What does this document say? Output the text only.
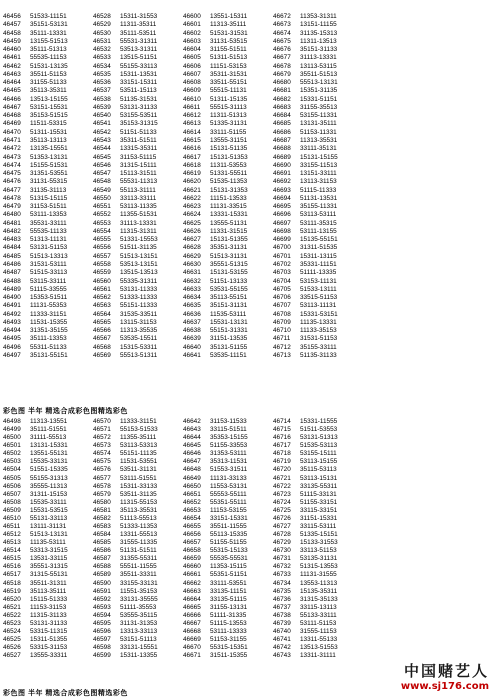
46456	51533-11151	46528	15311-31553	46600	13551-15311	46672	11353-31311
46457	35151-53131	46529	11311-35311	46601	11313-35111	46673	13151-11155
46458	35111-13331	46530	35111-53511	46602	51531-31531	46674	31135-15313
46459	13155-51513	46531	55531-31311	46603	31131-53515	46675	11311-13513
46460	35111-51313	46532	53513-31311	46604	31155-51511	46676	35151-31133
46461	55535-11153	46533	13515-51151	46605	51311-51513	46677	31113-13331
46462	51531-13135	46534	55155-33113	46606	11151-53153	46678	13113-53115
46463	35511-51153	46535	15311-13531	46607	35311-31531	46679	35511-51513
46464	31155-51133	46536	33151-15311	46608	33511-55151	46680	55513-13131
46465	35113-35311	46537	53511-15113	46609	55515-11131	46681	15351-31135
46466	13513-15155	46538	51135-31531	46610	51311-15135	46682	15331-51151
46467	53151-15531	46539	53131-31133	46611	55515-31113	46683	31155-35513
46468	35153-51515	46540	53155-53511	46612	11311-51313	46684	53155-11331
46469	11511-53315	46541	35153-31315	46613	51335-31131	46685	13131-35111
46470	51311-15531	46542	51151-51133	46614	33111-51155	46686	51153-11331
46471	35113-13113	46543	35311-51511	46615	13555-31151	46687	11313-35531
46472	13135-15551	46544	13315-35311	46616	15131-51135	46688	33111-35131
46473	51353-13131	46545	31153-51115	46617	15131-51353	46689	15131-15155
46474	15155-51531	46546	31315-15111	46618	11311-53553	46690	33155-11513
46475	31351-53551	46547	15113-31511	46619	51331-55511	46691	13151-33111
46476	31131-55315	46548	55531-11313	46620	51535-11353	46692	13113-31153
46477	31135-31113	46549	55113-31111	46621	15131-31353	46693	51115-11333
46478	51315-15115	46550	33113-33111	46622	11151-13533	46694	51131-13531
46479	31153-51511	46551	53113-11335	46623	11131-33515	46695	35155-11331
46480	53111-13353	46552	11355-51531	46624	13331-15331	46696	53113-53111
46481	35531-33111	46553	31113-13331	46625	13555-51131	46697	53111-35315
46482	55535-11133	46554	11315-31311	46626	11331-31515	46698	53111-13155
46483	51313-11131	46555	51331-15553	46627	15131-51355	46699	15135-55151
46484	53131-51153	46556	51511-31135	46628	35351-31131	46700	31311-51535
46485	51513-13313	46557	51513-13151	46629	51513-31131	46701	15311-13115
46486	31531-53111	46558	53513-13151	46630	35551-51315	46702	35331-11151
46487	51515-33113	46559	13515-13513	46631	15131-53155	46703	51111-13335
46488	53115-33111	46560	55335-31311	46632	51151-13133	46704	53153-11131
46489	51115-33555	46561	53131-11333	46633	53531-55155	46705	51533-13111
46490	15353-51511	46562	51333-11333	46634	35113-55151	46706	33515-51153
46491	11131-55353	46563	55151-11333	46635	35151-31131	46707	53113-11131
46492	11333-31151	46564	31535-33511	46636	11535-53111	46708	15331-53151
46493	11531-15355	46565	13115-31153	46637	15531-13131	46709	11135-13331
46494	31351-35155	46566	11313-35535	46638	55151-31331	46710	11133-35153
46495	35111-13353	46567	53535-15511	46639	31151-13535	46711	31531-51153
46496	55311-51133	46568	15315-53311	46640	35131-51155	46712	35155-33111
46497	35131-55151	46569	55513-51311	46641	53535-11151	46713	51135-31133
彩色图 半年 精选合成彩色图精选彩色
46498	11313-13551	46570	11333-31151	46642	31153-11533	46714	15331-11555
46499	35111-51551	46571	55153-51533	46643	33115-51511	46715	51511-53553
46500	31111-55513	46572	11355-35111	46644	35353-15155	46716	53131-51313
46501	13131-15331	46573	53113-53313	46645	51155-33553	46717	51535-53113
46502	13551-55131	46574	55151-11135	46646	31353-53111	46718	53155-15111
46503	15535-33131	46575	11531-53551	46647	35313-11531	46719	53113-15155
46504	51551-15335	46576	53511-31131	46648	51553-31511	46720	35115-53113
46505	55155-31313	46577	53111-51551	46649	11131-33133	46721	53113-15131
46506	35555-11313	46578	15311-33133	46650	11553-53131	46722	33135-55311
46507	31311-15153	46579	53511-31135	46651	55553-55111	46723	51115-33131
46508	15535-33111	46580	11315-55153	46652	55351-55111	46724	51155-33151
46509	15531-53515	46581	35113-35531	46653	11153-53155	46725	33115-33151
46510	55131-33113	46582	51113-55513	46654	33151-15331	46726	31151-15331
46511	13111-31131	46583	51333-11353	46655	35511-11555	46727	33115-53111
46512	51513-13131	46584	13311-55513	46656	55113-15335	46728	51335-15151
46513	11135-53111	46585	31555-11335	46657	51155-51155	46729	15133-31553
46514	53313-31515	46586	51131-51511	46658	55315-15133	46730	33113-51153
46515	13531-33115	46587	31355-55311	46659	55535-55531	46731	53135-31131
46516	35551-31315	46588	55511-11555	46660	11353-15115	46732	51315-13553
46517	31315-55131	46589	35511-33311	46661	55351-51151	46733	11131-31555
46518	35511-31311	46590	33155-33131	46662	33111-53551	46734	13553-11313
46519	35113-35111	46591	11551-35153	46663	33135-11151	46735	15135-35311
46520	15115-51333	46592	33131-35555	46664	33135-51115	46736	31315-35133
46521	11153-31153	46593	51111-35553	46665	31155-13131	46737	33115-13113
46522	11315-31133	46594	53555-35115	46666	51111-31335	46738	55133-33111
46523	53131-31133	46595	31131-31353	46667	51115-13553	46739	53111-51153
46524	53315-11315	46596	13313-33113	46668	53111-13333	46740	31555-11153
46525	15311-51355	46597	53151-51113	46669	51153-31155	46741	13311-55133
46526	53315-31153	46598	33131-15551	46670	55315-15351	46742	13513-51553
46527	13555-33311	46599	15311-13355	46671	31511-15355	46743	13311-31111
彩色图 半年 精选合成彩色图精选彩色
中国赌艺人
www.sj176.com
